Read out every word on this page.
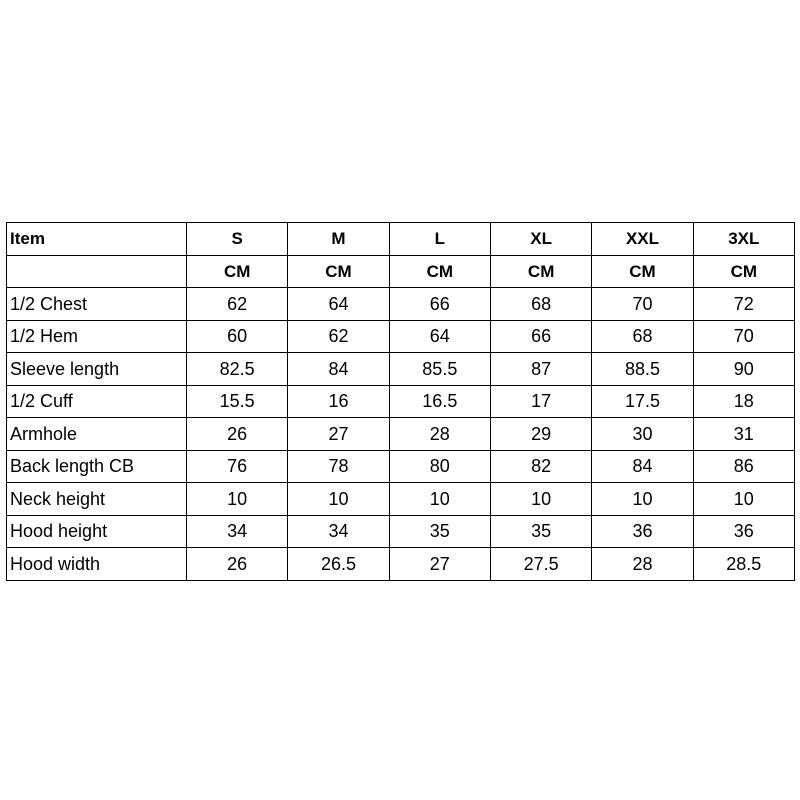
Item	S	M	L	XL	XXL	3XL
	CM	CM	CM	CM	CM	CM
1/2 Chest	62	64	66	68	70	72
1/2 Hem	60	62	64	66	68	70
Sleeve length	82.5	84	85.5	87	88.5	90
1/2 Cuff	15.5	16	16.5	17	17.5	18
Armhole	26	27	28	29	30	31
Back length CB	76	78	80	82	84	86
Neck height	10	10	10	10	10	10
Hood height	34	34	35	35	36	36
Hood width	26	26.5	27	27.5	28	28.5
